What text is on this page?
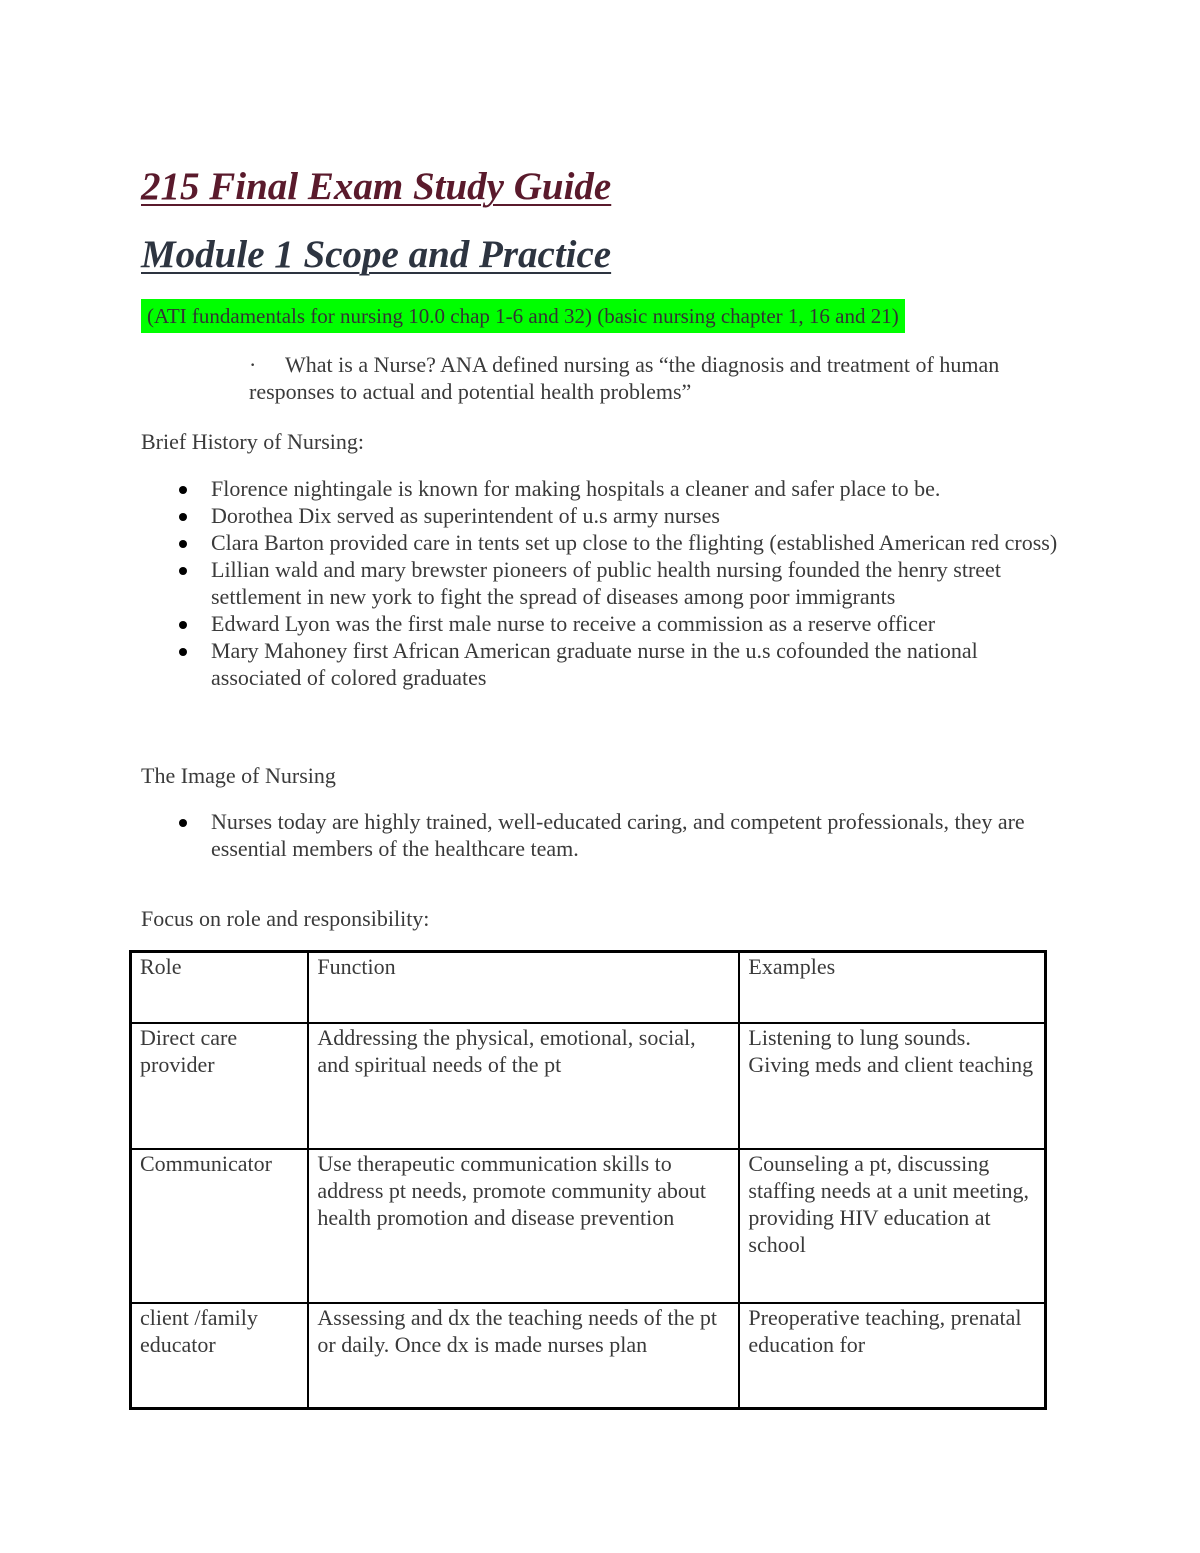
215 Final Exam Study Guide
Module 1 Scope and Practice
(ATI fundamentals for nursing 10.0 chap 1-6 and 32) (basic nursing chapter 1, 16 and 21)
· What is a Nurse? ANA defined nursing as “the diagnosis and treatment of human responses to actual and potential health problems”
Brief History of Nursing:
Florence nightingale is known for making hospitals a cleaner and safer place to be.
Dorothea Dix served as superintendent of u.s army nurses
Clara Barton provided care in tents set up close to the flighting (established American red cross)
Lillian wald and mary brewster pioneers of public health nursing founded the henry street settlement in new york to fight the spread of diseases among poor immigrants
Edward Lyon was the first male nurse to receive a commission as a reserve officer
Mary Mahoney first African American graduate nurse in the u.s cofounded the national associated of colored graduates
The Image of Nursing
Nurses today are highly trained, well-educated caring, and competent professionals, they are essential members of the healthcare team.
Focus on role and responsibility:
Role	Function	Examples
Direct care provider	Addressing the physical, emotional, social, and spiritual needs of the pt	Listening to lung sounds. Giving meds and client teaching
Communicator	Use therapeutic communication skills to address pt needs, promote community about health promotion and disease prevention	Counseling a pt, discussing staffing needs at a unit meeting, providing HIV education at school
client /family educator	Assessing and dx the teaching needs of the pt or daily. Once dx is made nurses plan	Preoperative teaching, prenatal education for
